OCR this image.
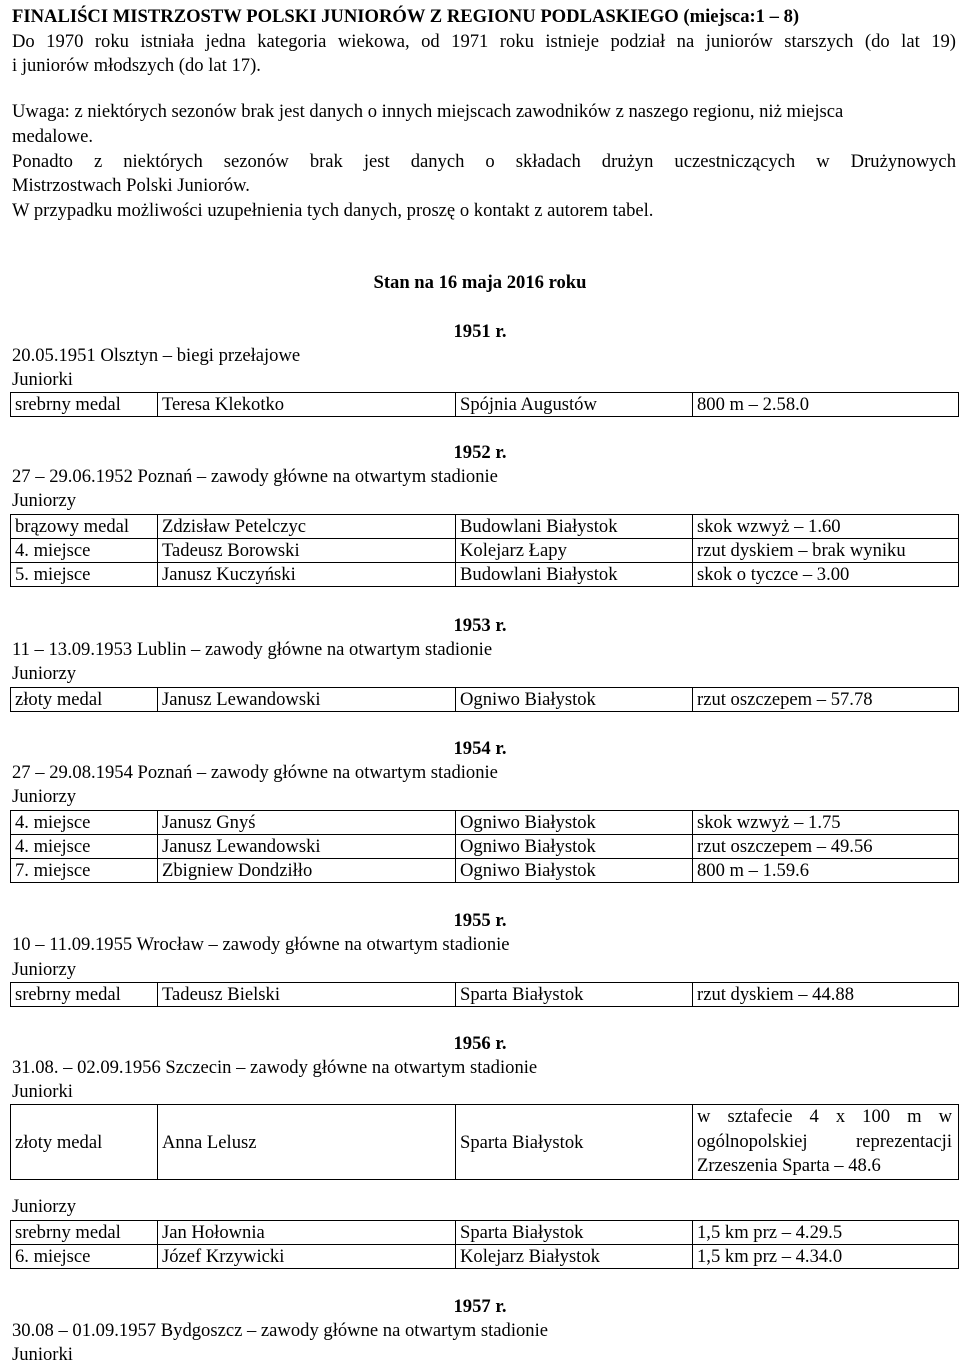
FINALIŚCI MISTRZOSTW POLSKI JUNIORÓW Z REGIONU PODLASKIEGO (miejsca:1 – 8)
Do 1970 roku istniała jedna kategoria wiekowa, od 1971 roku istnieje podział na juniorów starszych (do lat 19)
i juniorów młodszych (do lat 17).
Uwaga: z niektórych sezonów brak jest danych o innych miejscach zawodników z naszego regionu, niż miejsca
medalowe.
Ponadto z niektórych sezonów brak jest danych o składach drużyn uczestniczących w Drużynowych
Mistrzostwach Polski Juniorów.
W przypadku możliwości uzupełnienia tych danych, proszę o kontakt z autorem tabel.
Stan na 16 maja 2016 roku
1951 r.
20.05.1951 Olsztyn – biegi przełajowe
Juniorki
srebrny medal	Teresa Klekotko	Spójnia Augustów	800 m – 2.58.0
1952 r.
27 – 29.06.1952 Poznań – zawody główne na otwartym stadionie
Juniorzy
brązowy medal	Zdzisław Petelczyc	Budowlani Białystok	skok wzwyż – 1.60
4. miejsce	Tadeusz Borowski	Kolejarz Łapy	rzut dyskiem – brak wyniku
5. miejsce	Janusz Kuczyński	Budowlani Białystok	skok o tyczce – 3.00
1953 r.
11 – 13.09.1953 Lublin – zawody główne na otwartym stadionie
Juniorzy
złoty medal	Janusz Lewandowski	Ogniwo Białystok	rzut oszczepem – 57.78
1954 r.
27 – 29.08.1954 Poznań – zawody główne na otwartym stadionie
Juniorzy
4. miejsce	Janusz Gnyś	Ogniwo Białystok	skok wzwyż – 1.75
4. miejsce	Janusz Lewandowski	Ogniwo Białystok	rzut oszczepem – 49.56
7. miejsce	Zbigniew Dondziłło	Ogniwo Białystok	800 m – 1.59.6
1955 r.
10 – 11.09.1955 Wrocław – zawody główne na otwartym stadionie
Juniorzy
srebrny medal	Tadeusz Bielski	Sparta Białystok	rzut dyskiem – 44.88
1956 r.
31.08. – 02.09.1956 Szczecin – zawody główne na otwartym stadionie
Juniorki
złoty medal	Anna Lelusz	Sparta Białystok	w sztafecie 4 x 100 m w ogólnopolskiej reprezentacji Zrzeszenia Sparta – 48.6
Juniorzy
srebrny medal	Jan Hołownia	Sparta Białystok	1,5 km prz – 4.29.5
6. miejsce	Józef Krzywicki	Kolejarz Białystok	1,5 km prz – 4.34.0
1957 r.
30.08 – 01.09.1957 Bydgoszcz – zawody główne na otwartym stadionie
Juniorki
